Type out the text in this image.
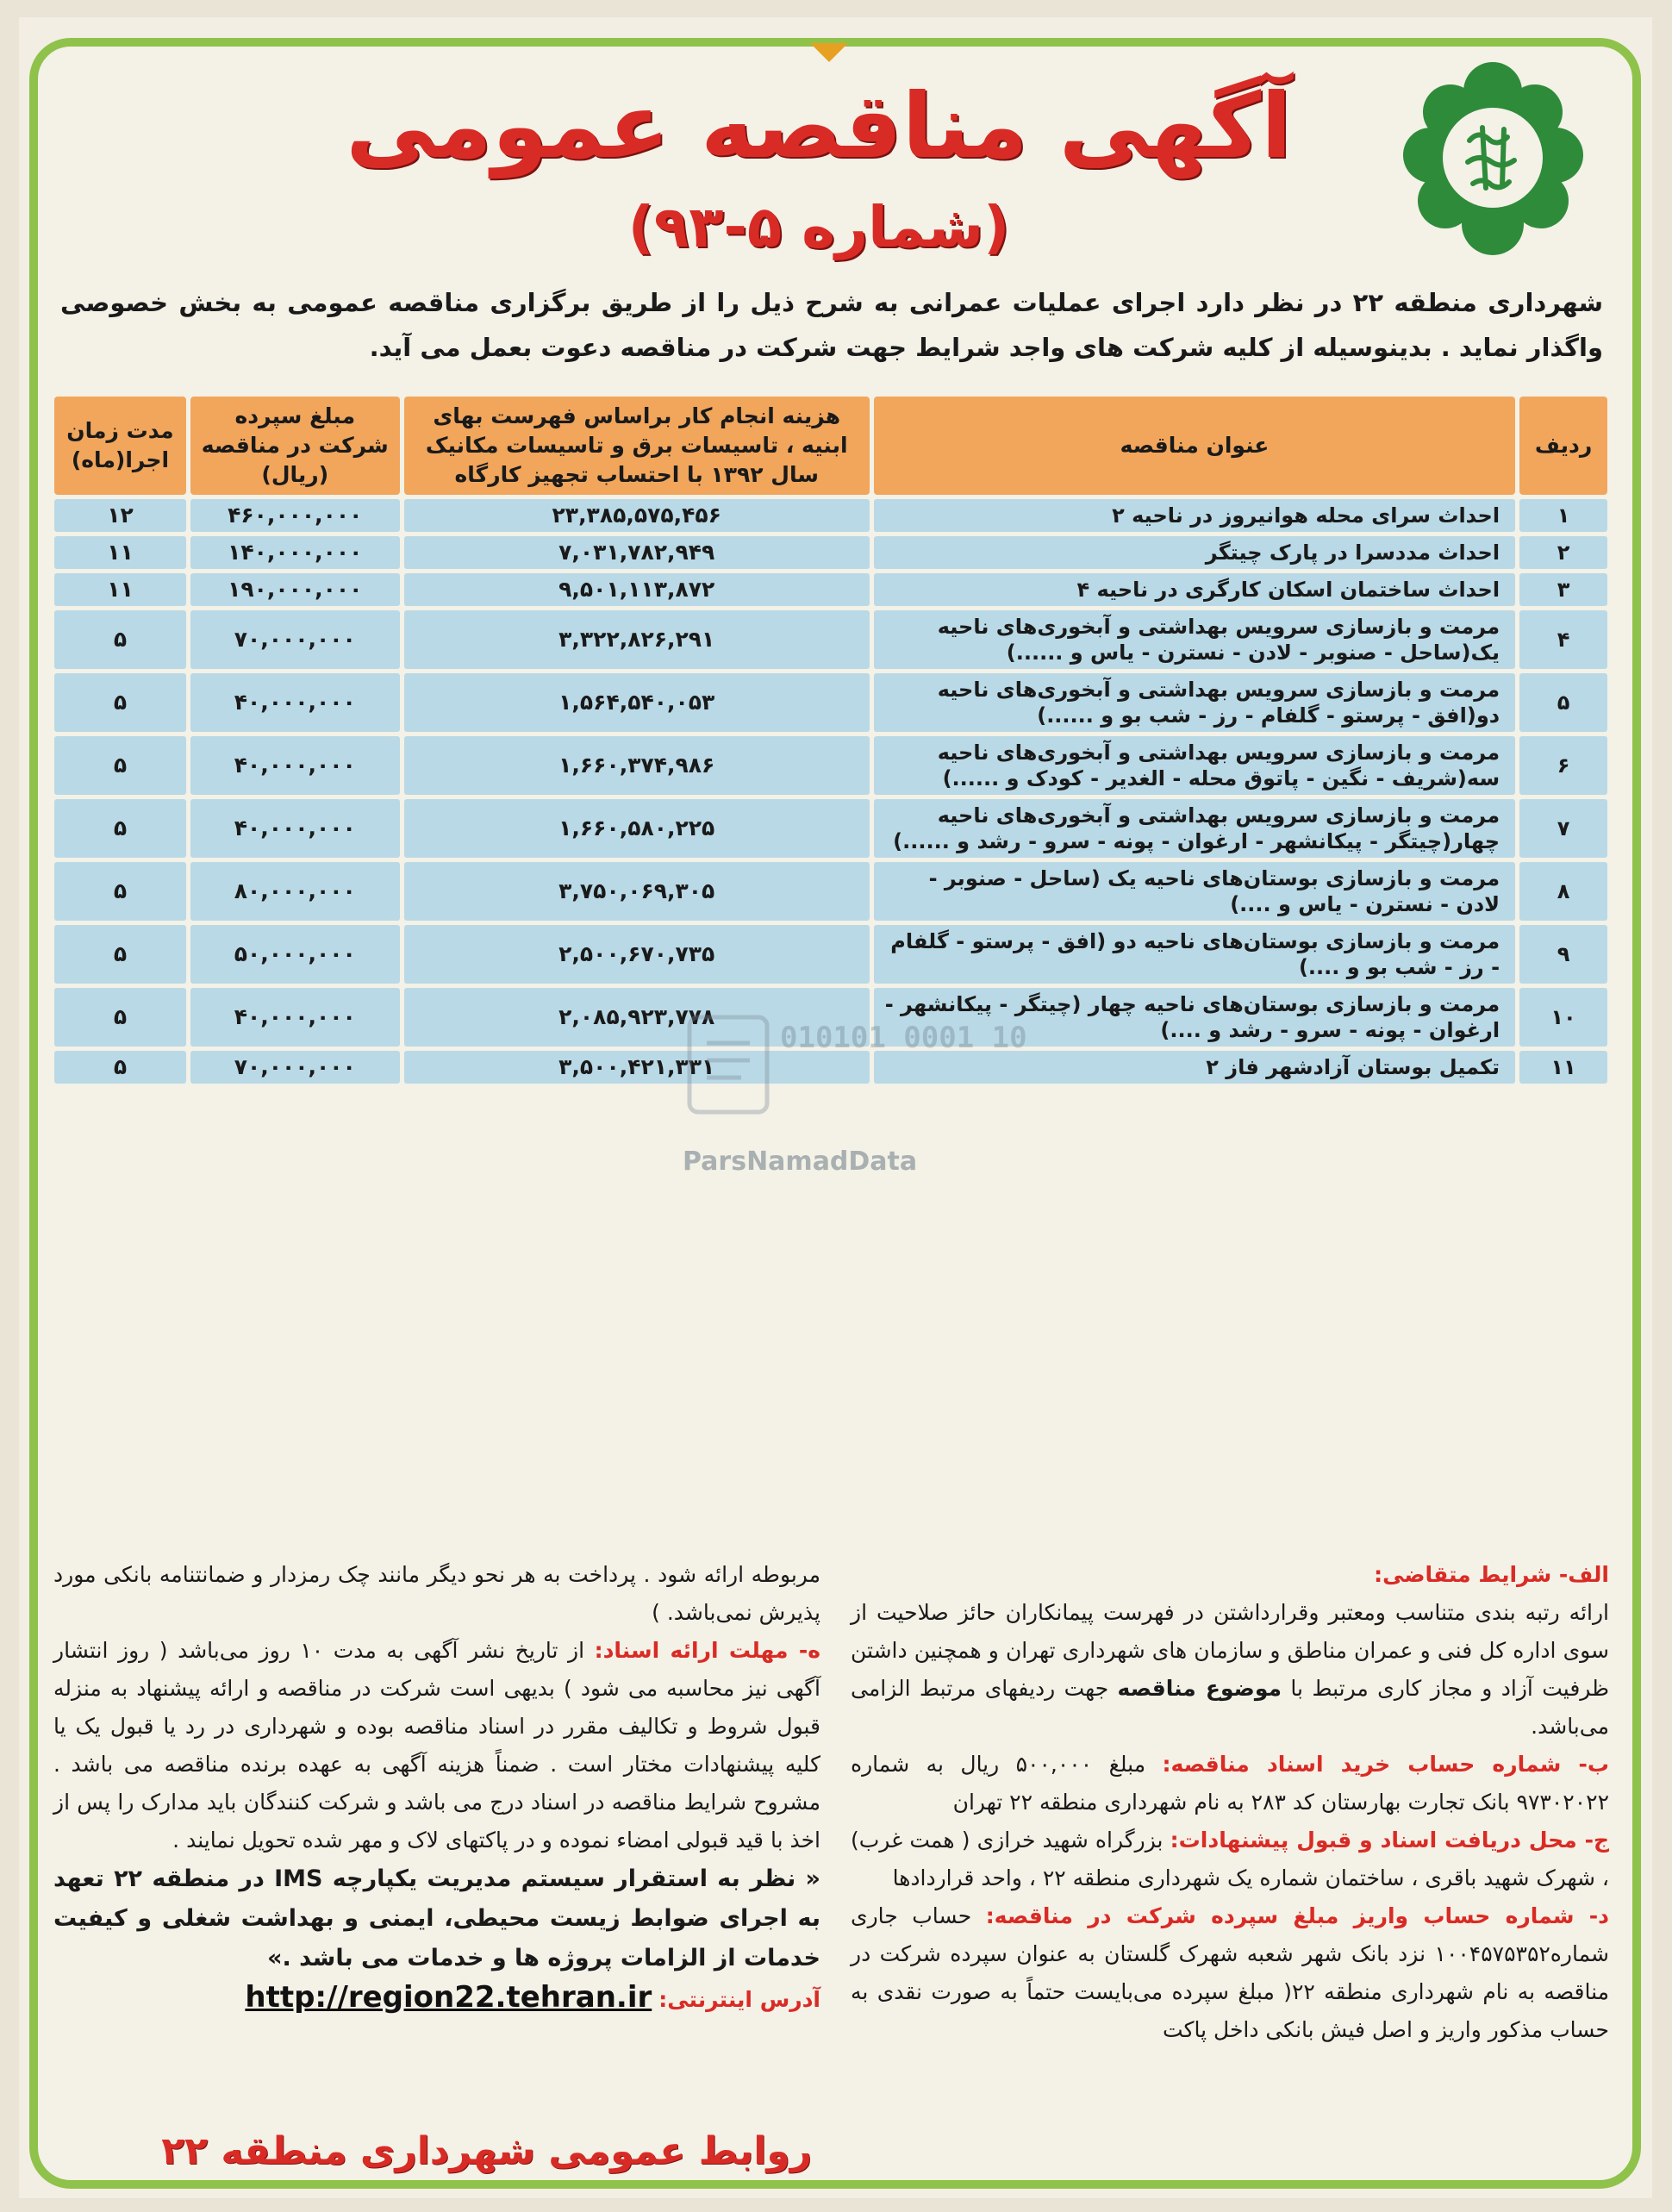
آگهی مناقصه عمومی
(شماره ۵-۹۳)
شهرداری منطقه ۲۲ در نظر دارد اجرای عملیات عمرانی به شرح ذیل را از طریق برگزاری مناقصه عمومی به بخش خصوصی واگذار نماید . بدینوسیله از کلیه شرکت های واجد شرایط جهت شرکت در مناقصه دعوت بعمل می آید.
ردیف	عنوان مناقصه	هزینه انجام کار براساس فهرست بهای ابنیه ، تاسیسات برق و تاسیسات مکانیک سال ۱۳۹۲ با احتساب تجهیز کارگاه	مبلغ سپرده شرکت در مناقصه (ریال)	مدت زمان اجرا(ماه)
۱	احداث سرای محله هوانیروز در ناحیه ۲	۲۳,۳۸۵,۵۷۵,۴۵۶	۴۶۰,۰۰۰,۰۰۰	۱۲
۲	احداث مددسرا در پارک چیتگر	۷,۰۳۱,۷۸۲,۹۴۹	۱۴۰,۰۰۰,۰۰۰	۱۱
۳	احداث ساختمان اسکان کارگری در ناحیه ۴	۹,۵۰۱,۱۱۳,۸۷۲	۱۹۰,۰۰۰,۰۰۰	۱۱
۴	مرمت و بازسازی سرویس بهداشتی و آبخوری‌های ناحیه یک(ساحل - صنوبر - لادن - نسترن - یاس و ......)	۳,۳۲۲,۸۲۶,۲۹۱	۷۰,۰۰۰,۰۰۰	۵
۵	مرمت و بازسازی سرویس بهداشتی و آبخوری‌های ناحیه دو(افق - پرستو - گلفام - رز - شب بو و ......)	۱,۵۶۴,۵۴۰,۰۵۳	۴۰,۰۰۰,۰۰۰	۵
۶	مرمت و بازسازی سرویس بهداشتی و آبخوری‌های ناحیه سه(شریف - نگین - پاتوق محله - الغدیر - کودک و ......)	۱,۶۶۰,۳۷۴,۹۸۶	۴۰,۰۰۰,۰۰۰	۵
۷	مرمت و بازسازی سرویس بهداشتی و آبخوری‌های ناحیه چهار(چیتگر - پیکانشهر - ارغوان - پونه - سرو - رشد و ......)	۱,۶۶۰,۵۸۰,۲۲۵	۴۰,۰۰۰,۰۰۰	۵
۸	مرمت و بازسازی بوستان‌های ناحیه یک (ساحل - صنوبر - لادن - نسترن - یاس و ....)	۳,۷۵۰,۰۶۹,۳۰۵	۸۰,۰۰۰,۰۰۰	۵
۹	مرمت و بازسازی بوستان‌های ناحیه دو (افق - پرستو - گلفام - رز - شب بو و ....)	۲,۵۰۰,۶۷۰,۷۳۵	۵۰,۰۰۰,۰۰۰	۵
۱۰	مرمت و بازسازی بوستان‌های ناحیه چهار (چیتگر - پیکانشهر - ارغوان - پونه - سرو - رشد و ....)	۲,۰۸۵,۹۲۳,۷۷۸	۴۰,۰۰۰,۰۰۰	۵
۱۱	تکمیل بوستان آزادشهر فاز ۲	۳,۵۰۰,۴۲۱,۳۳۱	۷۰,۰۰۰,۰۰۰	۵
010101 0001 10
ParsNamadData

الف- شرایط متقاضی:
ارائه رتبه بندی متناسب ومعتبر وقرارداشتن در فهرست پیمانکاران حائز صلاحیت از سوی اداره کل فنی و عمران مناطق و سازمان های شهرداری تهران و همچنین داشتن ظرفیت آزاد و مجاز کاری مرتبط با موضوع مناقصه جهت ردیفهای مرتبط الزامی می‌باشد.

ب- شماره حساب خرید اسناد مناقصه: مبلغ ۵۰۰,۰۰۰ ریال به شماره ۹۷۳۰۲۰۲۲ بانک تجارت بهارستان کد ۲۸۳ به نام شهرداری منطقه ۲۲ تهران

ج- محل دریافت اسناد و قبول پیشنهادات: بزرگراه شهید خرازی ( همت غرب) ، شهرک شهید باقری ، ساختمان شماره یک شهرداری منطقه ۲۲ ، واحد قراردادها

د- شماره حساب واریز مبلغ سپرده شرکت در مناقصه: حساب جاری شماره۱۰۰۴۵۷۵۳۵۲ نزد بانک شهر شعبه شهرک گلستان به عنوان سپرده شرکت در مناقصه به نام شهرداری منطقه ۲۲( مبلغ سپرده می‌بایست حتماً به صورت نقدی به حساب مذکور واریز و اصل فیش بانکی داخل پاکت

مربوطه ارائه شود . پرداخت به هر نحو دیگر مانند چک رمزدار و ضمانتنامه بانکی مورد پذیرش نمی‌باشد. )

ه- مهلت ارائه اسناد: از تاریخ نشر آگهی به مدت ۱۰ روز می‌باشد ( روز انتشار آگهی نیز محاسبه می شود ) بدیهی است شرکت در مناقصه و ارائه پیشنهاد به منزله قبول شروط و تکالیف مقرر در اسناد مناقصه بوده و شهرداری در رد یا قبول یک یا کلیه پیشنهادات مختار است . ضمناً هزینه آگهی به عهده برنده مناقصه می باشد . مشروح شرایط مناقصه در اسناد درج می باشد و شرکت کنندگان باید مدارک را پس از اخذ با قید قبولی امضاء نموده و در پاکتهای لاک و مهر شده تحویل نمایند .

« نظر به استقرار سیستم مدیریت یکپارچه IMS در منطقه ۲۲ تعهد به اجرای ضوابط زیست محیطی، ایمنی و بهداشت شغلی و کیفیت خدمات از الزامات پروژه ها و خدمات می باشد .»

آدرس اینترنتی: http://region22.tehran.ir

روابط عمومی شهرداری منطقه ۲۲
